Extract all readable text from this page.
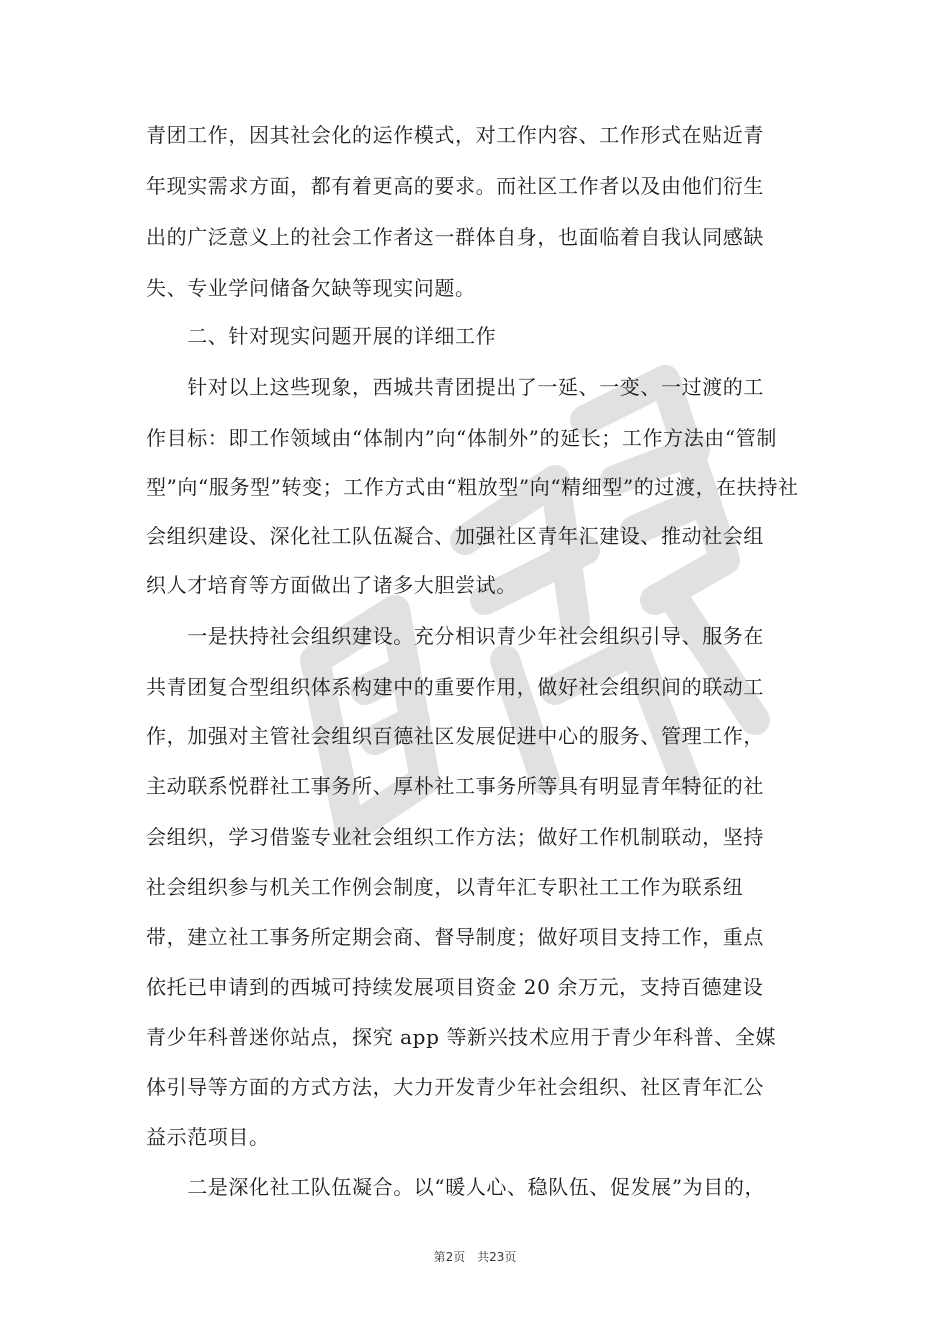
青团工作，因其社会化的运作模式，对工作内容、工作形式在贴近青
年现实需求方面，都有着更高的要求。而社区工作者以及由他们衍生
出的广泛意义上的社会工作者这一群体自身，也面临着自我认同感缺
失、专业学问储备欠缺等现实问题。
　　二、针对现实问题开展的详细工作
　　针对以上这些现象，西城共青团提出了一延、一变、一过渡的工
作目标：即工作领域由“体制内”向“体制外”的延长；工作方法由“管制
型”向“服务型”转变；工作方式由“粗放型”向“精细型”的过渡，在扶持社
会组织建设、深化社工队伍凝合、加强社区青年汇建设、推动社会组
织人才培育等方面做出了诸多大胆尝试。
　　一是扶持社会组织建设。充分相识青少年社会组织引导、服务在
共青团复合型组织体系构建中的重要作用，做好社会组织间的联动工
作，加强对主管社会组织百德社区发展促进中心的服务、管理工作，
主动联系悦群社工事务所、厚朴社工事务所等具有明显青年特征的社
会组织，学习借鉴专业社会组织工作方法；做好工作机制联动，坚持
社会组织参与机关工作例会制度，以青年汇专职社工工作为联系纽
带，建立社工事务所定期会商、督导制度；做好项目支持工作，重点
依托已申请到的西城可持续发展项目资金 20 余万元，支持百德建设
青少年科普迷你站点，探究 app 等新兴技术应用于青少年科普、全媒
体引导等方面的方式方法，大力开发青少年社会组织、社区青年汇公
益示范项目。
　　二是深化社工队伍凝合。以“暖人心、稳队伍、促发展”为目的，
第2页 共23页
